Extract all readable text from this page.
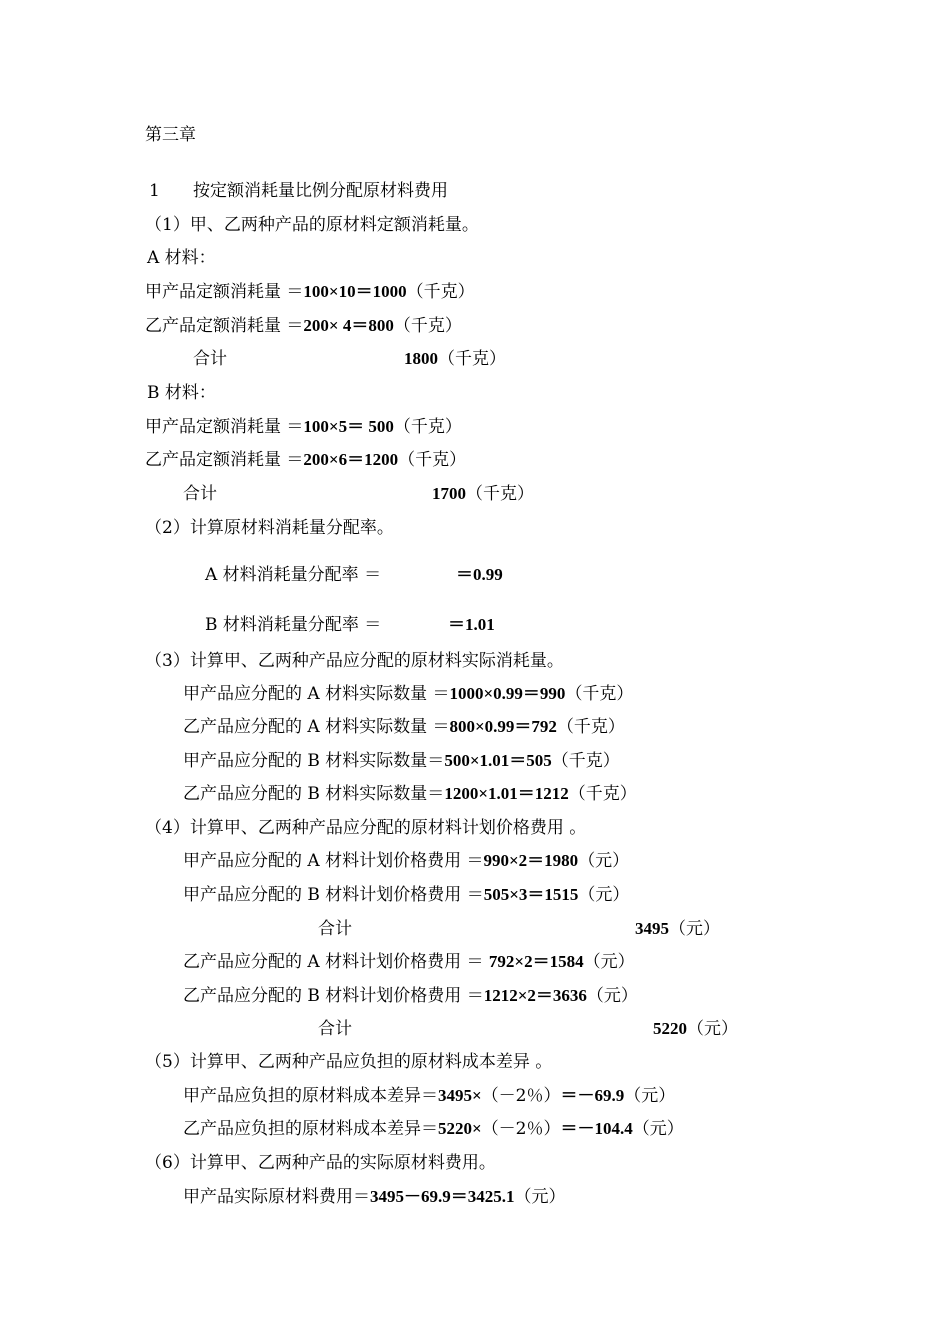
第三章
1 按定额消耗量比例分配原材料费用
（1）甲、乙两种产品的原材料定额消耗量。
A 材料：
甲产品定额消耗量 ＝100×10＝1000（千克）
乙产品定额消耗量 ＝200× 4＝800（千克）
合计	1800（千克）
B 材料：
甲产品定额消耗量 ＝100×5＝ 500（千克）
乙产品定额消耗量 ＝200×6＝1200（千克）
合计	1700（千克）
（2）计算原材料消耗量分配率。
A 材料消耗量分配率 ＝	＝0.99
B 材料消耗量分配率 ＝	＝1.01
（3）计算甲、乙两种产品应分配的原材料实际消耗量。
甲产品应分配的 A 材料实际数量 ＝1000×0.99＝990（千克）
乙产品应分配的 A 材料实际数量 ＝800×0.99＝792（千克）
甲产品应分配的 B 材料实际数量＝500×1.01＝505（千克）
乙产品应分配的 B 材料实际数量＝1200×1.01＝1212（千克）
（4）计算甲、乙两种产品应分配的原材料计划价格费用 。
甲产品应分配的 A 材料计划价格费用 ＝990×2＝1980（元）
甲产品应分配的 B 材料计划价格费用 ＝505×3＝1515（元）
合计	3495（元）
乙产品应分配的 A 材料计划价格费用 ＝ 792×2＝1584（元）
乙产品应分配的 B 材料计划价格费用 ＝1212×2＝3636（元）
合计	5220（元）
（5）计算甲、乙两种产品应负担的原材料成本差异 。
甲产品应负担的原材料成本差异＝3495×（－2％）＝－69.9（元）
乙产品应负担的原材料成本差异＝5220×（－2％）＝－104.4（元）
（6）计算甲、乙两种产品的实际原材料费用。
甲产品实际原材料费用＝3495－69.9＝3425.1（元）
